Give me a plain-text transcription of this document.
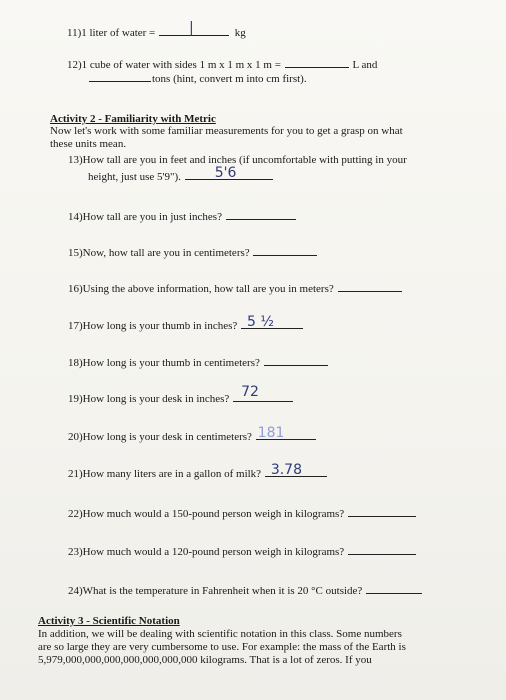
11)1 liter of water = |	kg
12)1 cube of water with sides 1 m x 1 m x 1 m =	L and
tons (hint, convert m into cm first).
Activity 2 - Familiarity with Metric
Now let's work with some familiar measurements for you to get a grasp on what
these units mean.
13)How tall are you in feet and inches (if uncomfortable with putting in your
height, just use 5'9"). 5'6
14)How tall are you in just inches?
15)Now, how tall are you in centimeters?
16)Using the above information, how tall are you in meters?
17)How long is your thumb in inches? 5 ½
18)How long is your thumb in centimeters?
19)How long is your desk in inches? 72
20)How long is your desk in centimeters? 181
21)How many liters are in a gallon of milk? 3.78
22)How much would a 150-pound person weigh in kilograms?
23)How much would a 120-pound person weigh in kilograms?
24)What is the temperature in Fahrenheit when it is 20 °C outside?
Activity 3 - Scientific Notation
In addition, we will be dealing with scientific notation in this class. Some numbers
are so large they are very cumbersome to use. For example: the mass of the Earth is
5,979,000,000,000,000,000,000,000 kilograms. That is a lot of zeros. If you
